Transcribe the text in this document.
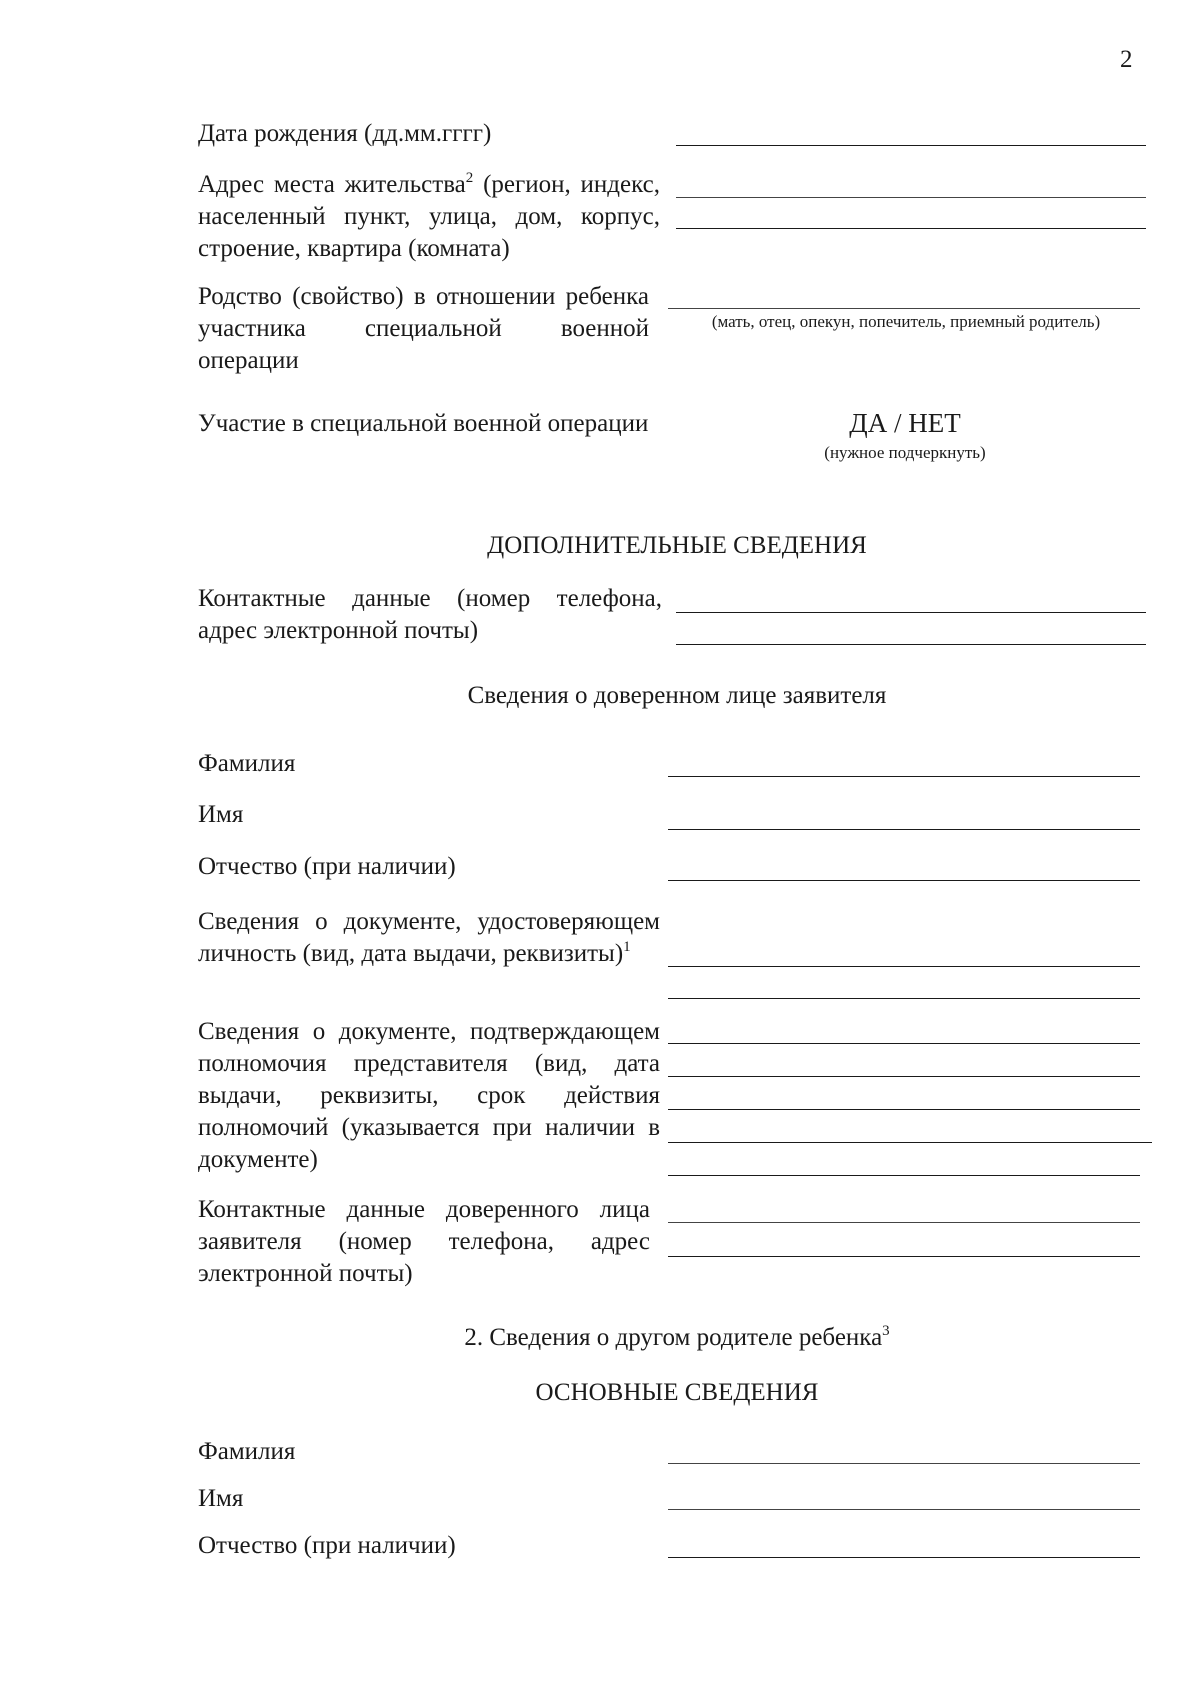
2
Дата рождения (дд.мм.гггг)
Адрес места жительства$^2$ (регион, индекс, населенный пункт, улица, дом, корпус, строение, квартира (комната)
Родство (свойство) в отношении ребенка участника специальной военной операции
(мать, отец, опекун, попечитель, приемный родитель)
Участие в специальной военной операции	ДА / НЕТ
(нужное подчеркнуть)
ДОПОЛНИТЕЛЬНЫЕ СВЕДЕНИЯ
Контактные данные (номер телефона, адрес электронной почты)
Сведения о доверенном лице заявителя
Фамилия
Имя
Отчество (при наличии)
Сведения о документе, удостоверяющем личность (вид, дата выдачи, реквизиты)$^1$
Сведения о документе, подтверждающем полномочия представителя (вид, дата выдачи, реквизиты, срок действия полномочий (указывается при наличии в документе)
Контактные данные доверенного лица заявителя (номер телефона, адрес электронной почты)
2. Сведения о другом родителе ребенка$^3$
ОСНОВНЫЕ СВЕДЕНИЯ
Фамилия
Имя
Отчество (при наличии)
